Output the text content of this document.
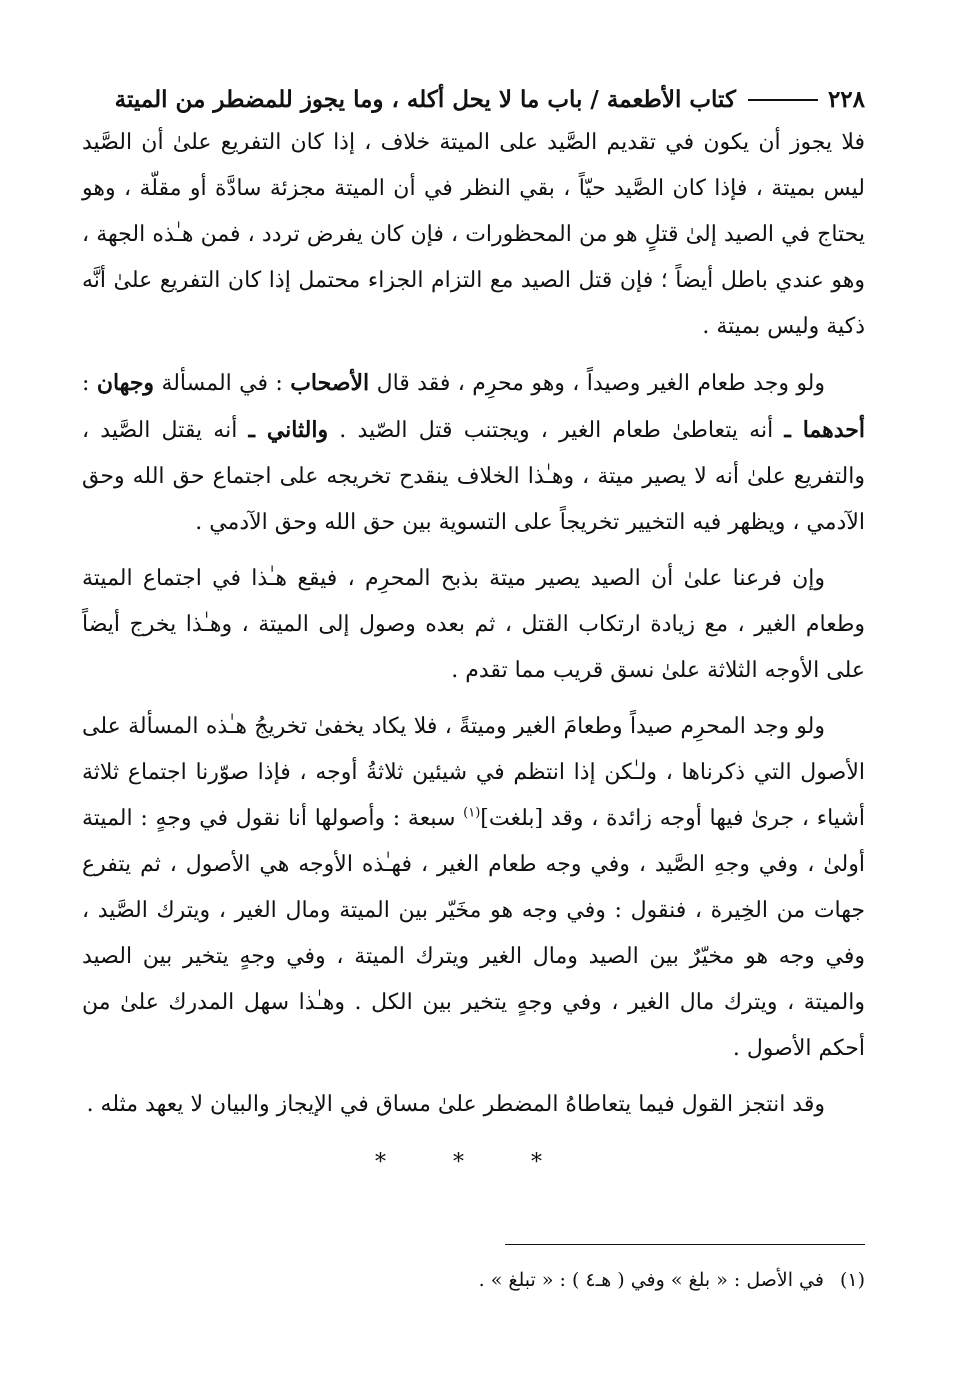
٢٢٨
كتاب الأطعمة / باب ما لا يحل أكله ، وما يجوز للمضطر من الميتة

فلا يجوز أن يكون في تقديم الصَّيد على الميتة خلاف ، إذا كان التفريع علىٰ أن الصَّيد ليس بميتة ، فإذا كان الصَّيد حيّاً ، بقي النظر في أن الميتة مجزئة سادَّة أو مقلّة ، وهو يحتاج في الصيد إلىٰ قتلٍ هو من المحظورات ، فإن كان يفرض تردد ، فمن هـٰذه الجهة ، وهو عندي باطل أيضاً ؛ فإن قتل الصيد مع التزام الجزاء محتمل إذا كان التفريع علىٰ أنَّه ذكية وليس بميتة .

ولو وجد طعام الغير وصيداً ، وهو محرِم ، فقد قال الأصحاب : في المسألة وجهان : أحدهما ـ أنه يتعاطىٰ طعام الغير ، ويجتنب قتل الصّيد . والثاني ـ أنه يقتل الصَّيد ، والتفريع علىٰ أنه لا يصير ميتة ، وهـٰذا الخلاف ينقدح تخريجه على اجتماع حق الله وحق الآدمي ، ويظهر فيه التخيير تخريجاً على التسوية بين حق الله وحق الآدمي .

وإن فرعنا علىٰ أن الصيد يصير ميتة بذبح المحرِم ، فيقع هـٰذا في اجتماع الميتة وطعام الغير ، مع زيادة ارتكاب القتل ، ثم بعده وصول إلى الميتة ، وهـٰذا يخرج أيضاً على الأوجه الثلاثة علىٰ نسق قريب مما تقدم .

ولو وجد المحرِم صيداً وطعامَ الغير وميتةً ، فلا يكاد يخفىٰ تخريجُ هـٰذه المسألة على الأصول التي ذكرناها ، ولـٰكن إذا انتظم في شيئين ثلاثةُ أوجه ، فإذا صوّرنا اجتماع ثلاثة أشياء ، جرىٰ فيها أوجه زائدة ، وقد [بلغت]$^{(١)}$ سبعة : وأصولها أنا نقول في وجهٍ : الميتة أولىٰ ، وفي وجهِ الصَّيد ، وفي وجه طعام الغير ، فهـٰذه الأوجه هي الأصول ، ثم يتفرع جهات من الخِيرة ، فنقول : وفي وجه هو مخَيّر بين الميتة ومال الغير ، ويترك الصَّيد ، وفي وجه هو مخيّرٌ بين الصيد ومال الغير ويترك الميتة ، وفي وجهٍ يتخير بين الصيد والميتة ، ويترك مال الغير ، وفي وجهٍ يتخير بين الكل . وهـٰذا سهل المدرك علىٰ من أحكم الأصول .

وقد انتجز القول فيما يتعاطاهُ المضطر علىٰ مساق في الإيجاز والبيان لا يعهد مثله .

* * *
(١)في الأصل : « بلغ » وفي ( هـ٤ ) : « تبلغ » .
